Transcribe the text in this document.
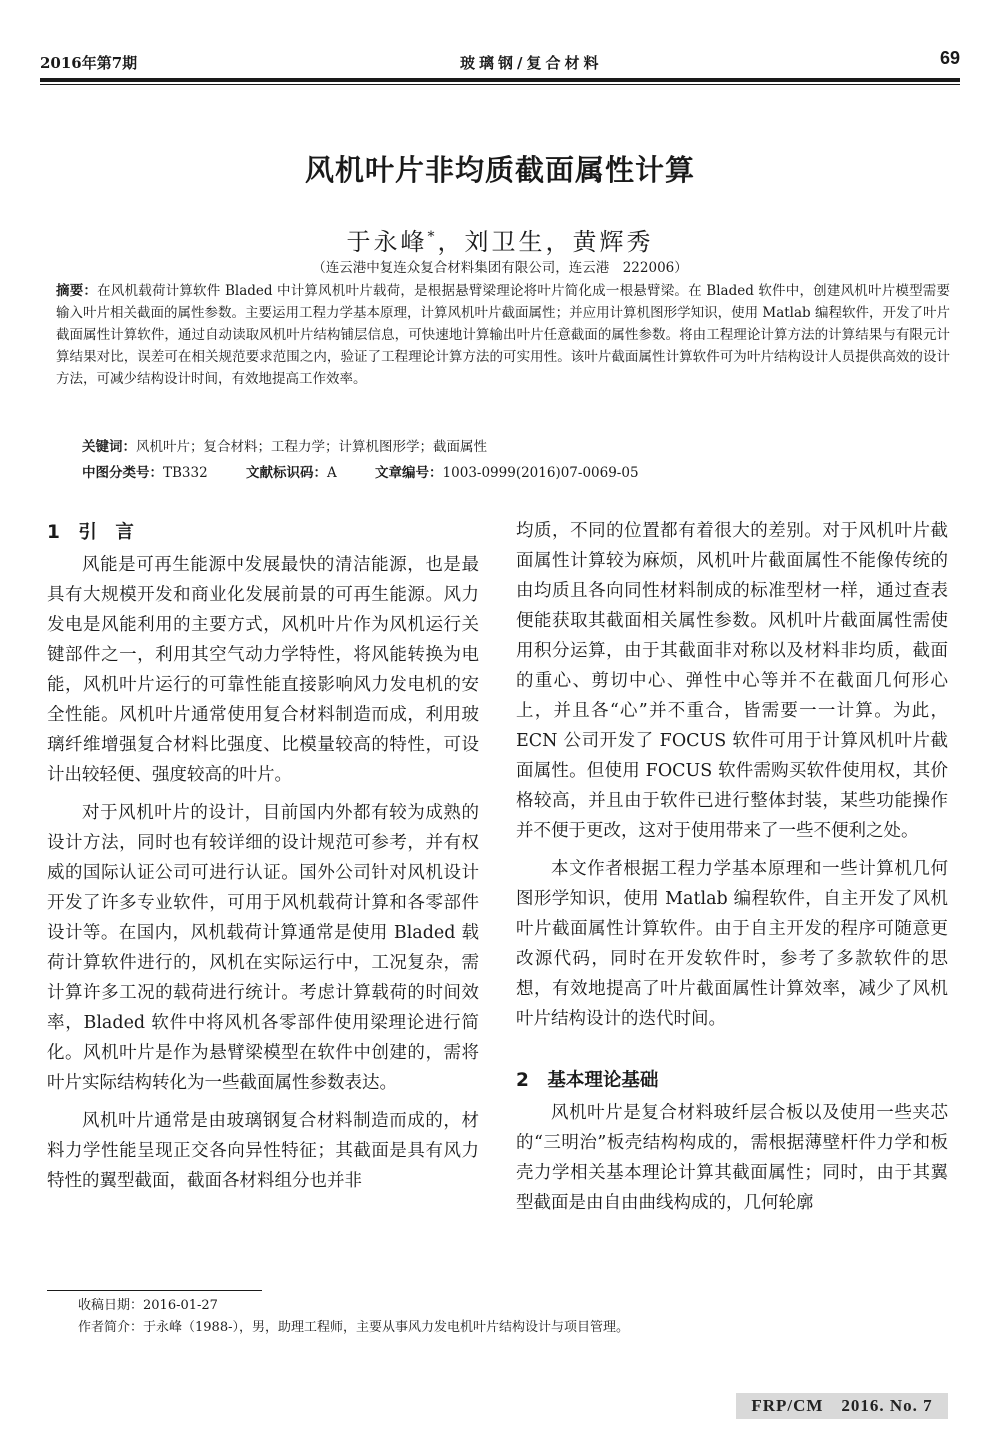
2016年第7期	玻璃钢/复合材料	69
风机叶片非均质截面属性计算
于永峰*，刘卫生，黄辉秀
（连云港中复连众复合材料集团有限公司，连云港　222006）
摘要：在风机载荷计算软件 Bladed 中计算风机叶片载荷，是根据悬臂梁理论将叶片简化成一根悬臂梁。在 Bladed 软件中，创建风机叶片模型需要输入叶片相关截面的属性参数。主要运用工程力学基本原理，计算风机叶片截面属性；并应用计算机图形学知识，使用 Matlab 编程软件，开发了叶片截面属性计算软件，通过自动读取风机叶片结构铺层信息，可快速地计算输出叶片任意截面的属性参数。将由工程理论计算方法的计算结果与有限元计算结果对比，误差可在相关规范要求范围之内，验证了工程理论计算方法的可实用性。该叶片截面属性计算软件可为叶片结构设计人员提供高效的设计方法，可减少结构设计时间，有效地提高工作效率。
关键词：风机叶片；复合材料；工程力学；计算机图形学；截面属性
中图分类号：TB332	文献标识码：A	文章编号：1003-0999(2016)07-0069-05
1　引　言

风能是可再生能源中发展最快的清洁能源，也是最具有大规模开发和商业化发展前景的可再生能源。风力发电是风能利用的主要方式，风机叶片作为风机运行关键部件之一，利用其空气动力学特性，将风能转换为电能，风机叶片运行的可靠性能直接影响风力发电机的安全性能。风机叶片通常使用复合材料制造而成，利用玻璃纤维增强复合材料比强度、比模量较高的特性，可设计出较轻便、强度较高的叶片。

对于风机叶片的设计，目前国内外都有较为成熟的设计方法，同时也有较详细的设计规范可参考，并有权威的国际认证公司可进行认证。国外公司针对风机设计开发了许多专业软件，可用于风机载荷计算和各零部件设计等。在国内，风机载荷计算通常是使用 Bladed 载荷计算软件进行的，风机在实际运行中，工况复杂，需计算许多工况的载荷进行统计。考虑计算载荷的时间效率，Bladed 软件中将风机各零部件使用梁理论进行简化。风机叶片是作为悬臂梁模型在软件中创建的，需将叶片实际结构转化为一些截面属性参数表达。

风机叶片通常是由玻璃钢复合材料制造而成的，材料力学性能呈现正交各向异性特征；其截面是具有风力特性的翼型截面，截面各材料组分也并非

均质，不同的位置都有着很大的差别。对于风机叶片截面属性计算较为麻烦，风机叶片截面属性不能像传统的由均质且各向同性材料制成的标准型材一样，通过查表便能获取其截面相关属性参数。风机叶片截面属性需使用积分运算，由于其截面非对称以及材料非均质，截面的重心、剪切中心、弹性中心等并不在截面几何形心上，并且各“心”并不重合，皆需要一一计算。为此，ECN 公司开发了 FOCUS 软件可用于计算风机叶片截面属性。但使用 FOCUS 软件需购买软件使用权，其价格较高，并且由于软件已进行整体封装，某些功能操作并不便于更改，这对于使用带来了一些不便利之处。

本文作者根据工程力学基本原理和一些计算机几何图形学知识，使用 Matlab 编程软件，自主开发了风机叶片截面属性计算软件。由于自主开发的程序可随意更改源代码，同时在开发软件时，参考了多款软件的思想，有效地提高了叶片截面属性计算效率，减少了风机叶片结构设计的迭代时间。

2　基本理论基础

风机叶片是复合材料玻纤层合板以及使用一些夹芯的“三明治”板壳结构构成的，需根据薄壁杆件力学和板壳力学相关基本理论计算其截面属性；同时，由于其翼型截面是由自由曲线构成的，几何轮廓

收稿日期：2016-01-27
作者简介：于永峰（1988-），男，助理工程师，主要从事风力发电机叶片结构设计与项目管理。
FRP/CM　2016. No. 7
